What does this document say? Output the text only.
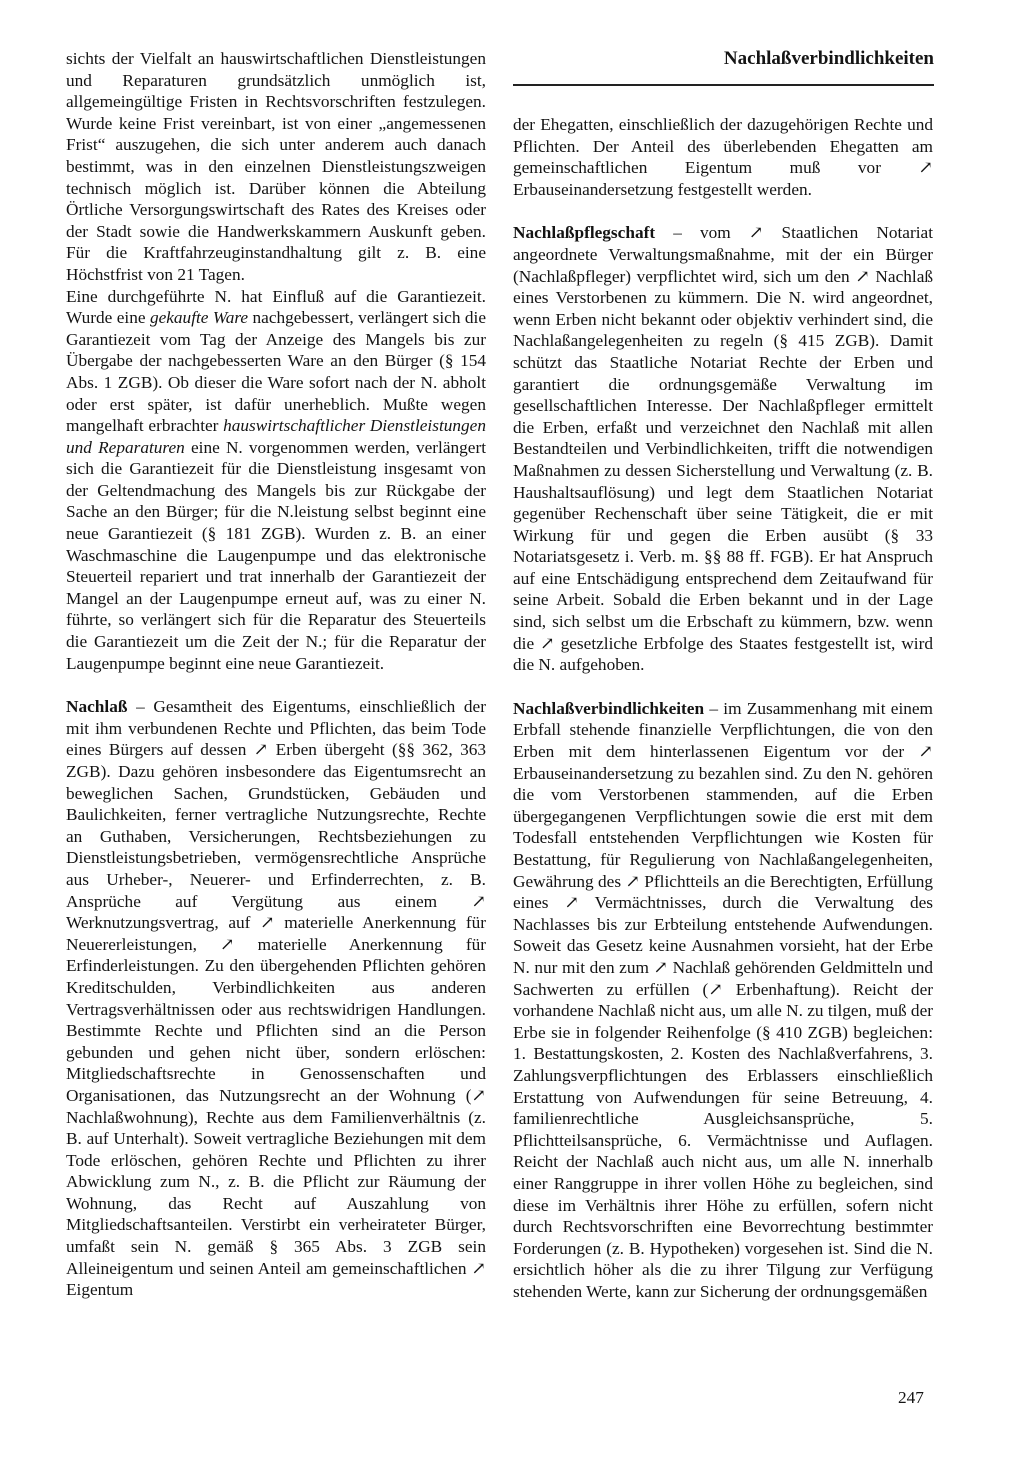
Nachlaßverbindlichkeiten

sichts der Vielfalt an hauswirtschaftlichen Dienstleistungen und Reparaturen grundsätzlich unmöglich ist, allgemeingültige Fristen in Rechtsvorschriften festzulegen. Wurde keine Frist vereinbart, ist von einer „angemessenen Frist“ auszugehen, die sich unter anderem auch danach bestimmt, was in den einzelnen Dienstleistungszweigen technisch möglich ist. Darüber können die Abteilung Örtliche Versorgungswirtschaft des Rates des Kreises oder der Stadt sowie die Handwerkskammern Auskunft geben. Für die Kraftfahrzeuginstandhaltung gilt z. B. eine Höchstfrist von 21 Tagen.

Eine durchgeführte N. hat Einfluß auf die Garantiezeit. Wurde eine gekaufte Ware nachgebessert, verlängert sich die Garantiezeit vom Tag der Anzeige des Mangels bis zur Übergabe der nachgebesserten Ware an den Bürger (§ 154 Abs. 1 ZGB). Ob dieser die Ware sofort nach der N. abholt oder erst später, ist dafür unerheblich. Mußte wegen mangelhaft erbrachter hauswirtschaftlicher Dienstleistungen und Reparaturen eine N. vorgenommen werden, verlängert sich die Garantiezeit für die Dienstleistung insgesamt von der Geltendmachung des Mangels bis zur Rückgabe der Sache an den Bürger; für die N.leistung selbst beginnt eine neue Garantiezeit (§ 181 ZGB). Wurden z. B. an einer Waschmaschine die Laugenpumpe und das elektronische Steuerteil repariert und trat innerhalb der Garantiezeit der Mangel an der Laugenpumpe erneut auf, was zu einer N. führte, so verlängert sich für die Reparatur des Steuerteils die Garantiezeit um die Zeit der N.; für die Reparatur der Laugenpumpe beginnt eine neue Garantiezeit.

Nachlaß – Gesamtheit des Eigentums, einschließlich der mit ihm verbundenen Rechte und Pflichten, das beim Tode eines Bürgers auf dessen ↗ Erben übergeht (§§ 362, 363 ZGB). Dazu gehören insbesondere das Eigentumsrecht an beweglichen Sachen, Grundstücken, Gebäuden und Baulichkeiten, ferner vertragliche Nutzungsrechte, Rechte an Guthaben, Versicherungen, Rechtsbeziehungen zu Dienstleistungsbetrieben, vermögensrechtliche Ansprüche aus Urheber-, Neuerer- und Erfinderrechten, z. B. Ansprüche auf Vergütung aus einem ↗ Werknutzungsvertrag, auf ↗ materielle Anerkennung für Neuererleistungen, ↗ materielle Anerkennung für Erfinderleistungen. Zu den übergehenden Pflichten gehören Kreditschulden, Verbindlichkeiten aus anderen Vertragsverhältnissen oder aus rechtswidrigen Handlungen. Bestimmte Rechte und Pflichten sind an die Person gebunden und gehen nicht über, sondern erlöschen: Mitgliedschaftsrechte in Genossenschaften und Organisationen, das Nutzungsrecht an der Wohnung (↗ Nachlaßwohnung), Rechte aus dem Familienverhältnis (z. B. auf Unterhalt). Soweit vertragliche Beziehungen mit dem Tode erlöschen, gehören Rechte und Pflichten zu ihrer Abwicklung zum N., z. B. die Pflicht zur Räumung der Wohnung, das Recht auf Auszahlung von Mitgliedschaftsanteilen. Verstirbt ein verheirateter Bürger, umfaßt sein N. gemäß § 365 Abs. 3 ZGB sein Alleineigentum und seinen Anteil am gemeinschaftlichen ↗ Eigentum

der Ehegatten, einschließlich der dazugehörigen Rechte und Pflichten. Der Anteil des überlebenden Ehegatten am gemeinschaftlichen Eigentum muß vor ↗ Erbauseinandersetzung festgestellt werden.

Nachlaßpflegschaft – vom ↗ Staatlichen Notariat angeordnete Verwaltungsmaßnahme, mit der ein Bürger (Nachlaßpfleger) verpflichtet wird, sich um den ↗ Nachlaß eines Verstorbenen zu kümmern. Die N. wird angeordnet, wenn Erben nicht bekannt oder objektiv verhindert sind, die Nachlaßangelegenheiten zu regeln (§ 415 ZGB). Damit schützt das Staatliche Notariat Rechte der Erben und garantiert die ordnungsgemäße Verwaltung im gesellschaftlichen Interesse. Der Nachlaßpfleger ermittelt die Erben, erfaßt und verzeichnet den Nachlaß mit allen Bestandteilen und Verbindlichkeiten, trifft die notwendigen Maßnahmen zu dessen Sicherstellung und Verwaltung (z. B. Haushaltsauflösung) und legt dem Staatlichen Notariat gegenüber Rechenschaft über seine Tätigkeit, die er mit Wirkung für und gegen die Erben ausübt (§ 33 Notariatsgesetz i. Verb. m. §§ 88 ff. FGB). Er hat Anspruch auf eine Entschädigung entsprechend dem Zeitaufwand für seine Arbeit. Sobald die Erben bekannt und in der Lage sind, sich selbst um die Erbschaft zu kümmern, bzw. wenn die ↗ gesetzliche Erbfolge des Staates festgestellt ist, wird die N. aufgehoben.

Nachlaßverbindlichkeiten – im Zusammenhang mit einem Erbfall stehende finanzielle Verpflichtungen, die von den Erben mit dem hinterlassenen Eigentum vor der ↗ Erbauseinandersetzung zu bezahlen sind. Zu den N. gehören die vom Verstorbenen stammenden, auf die Erben übergegangenen Verpflichtungen sowie die erst mit dem Todesfall entstehenden Verpflichtungen wie Kosten für Bestattung, für Regulierung von Nachlaßangelegenheiten, Gewährung des ↗ Pflichtteils an die Berechtigten, Erfüllung eines ↗ Vermächtnisses, durch die Verwaltung des Nachlasses bis zur Erbteilung entstehende Aufwendungen. Soweit das Gesetz keine Ausnahmen vorsieht, hat der Erbe N. nur mit den zum ↗ Nachlaß gehörenden Geldmitteln und Sachwerten zu erfüllen (↗ Erbenhaftung). Reicht der vorhandene Nachlaß nicht aus, um alle N. zu tilgen, muß der Erbe sie in folgender Reihenfolge (§ 410 ZGB) begleichen: 1. Bestattungskosten, 2. Kosten des Nachlaßverfahrens, 3. Zahlungsverpflichtungen des Erblassers einschließlich Erstattung von Aufwendungen für seine Betreuung, 4. familienrechtliche Ausgleichsansprüche, 5. Pflichtteilsansprüche, 6. Vermächtnisse und Auflagen. Reicht der Nachlaß auch nicht aus, um alle N. innerhalb einer Ranggruppe in ihrer vollen Höhe zu begleichen, sind diese im Verhältnis ihrer Höhe zu erfüllen, sofern nicht durch Rechtsvorschriften eine Bevorrechtung bestimmter Forderungen (z. B. Hypotheken) vorgesehen ist. Sind die N. ersichtlich höher als die zu ihrer Tilgung zur Verfügung stehenden Werte, kann zur Sicherung der ordnungsgemäßen

247
